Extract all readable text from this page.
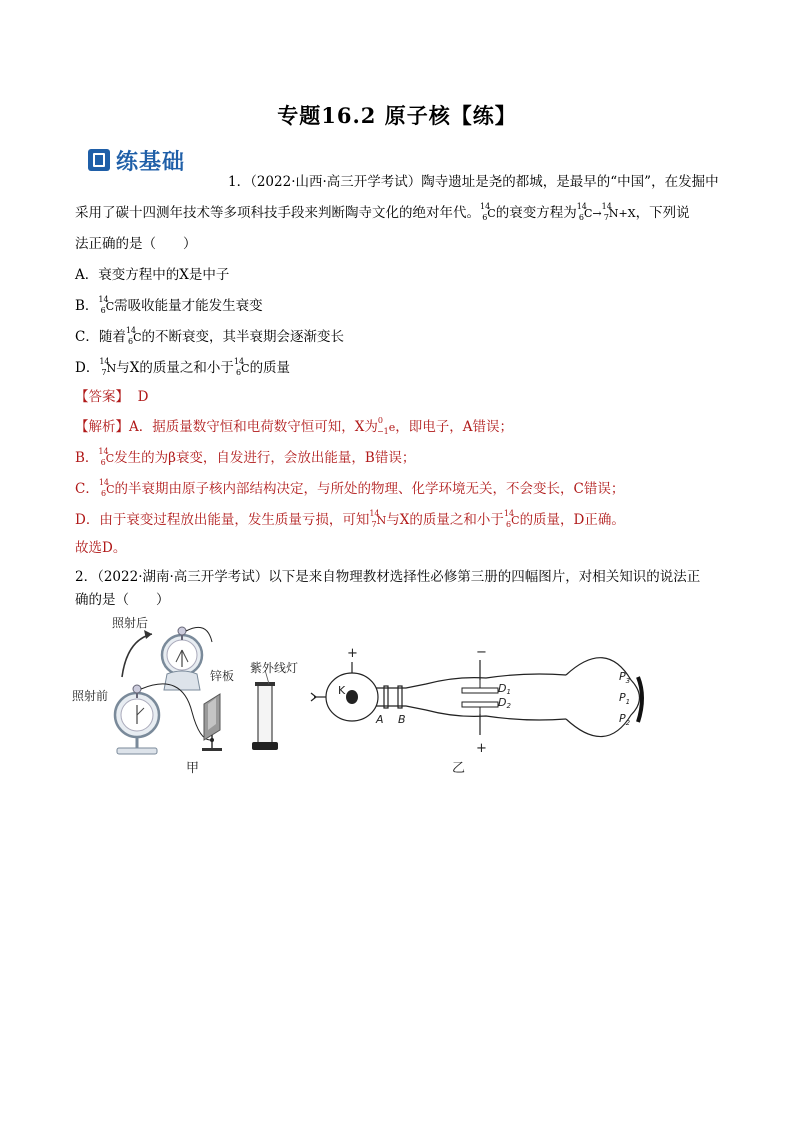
专题16.2 原子核【练】
练基础
1．（2022·山西·高三开学考试）陶寺遗址是尧的都城，是最早的“中国”，在发掘中
采用了碳十四测年技术等多项科技手段来判断陶寺文化的绝对年代。$^{14}_6$C的衰变方程为$^{14}_6$C→$^{14}_7$N+X，下列说
法正确的是（　　）
A．衰变方程中的X是中子
B．$^{14}_6$C需吸收能量才能发生衰变
C．随着$^{14}_6$C的不断衰变，其半衰期会逐渐变长
D．$^{14}_7$N与X的质量之和小于$^{14}_6$C的质量
【答案】 D
【解析】A．据质量数守恒和电荷数守恒可知，X为$^0_{-1}$e，即电子，A错误；
B．$^{14}_6$C发生的为β衰变，自发进行，会放出能量，B错误；
C．$^{14}_6$C的半衰期由原子核内部结构决定，与所处的物理、化学环境无关，不会变长，C错误；
D．由于衰变过程放出能量，发生质量亏损，可知$^{14}_7$N与X的质量之和小于$^{14}_6$C的质量，D正确。
故选D。
2．（2022·湖南·高三开学考试）以下是来自物理教材选择性必修第三册的四幅图片，对相关知识的说法正
确的是（　　）
照射后
照射前
锌板
紫外线灯
甲
+	−
+
K
A B
D1
D2
$P_3$
$P_1$
$P_2$
乙
